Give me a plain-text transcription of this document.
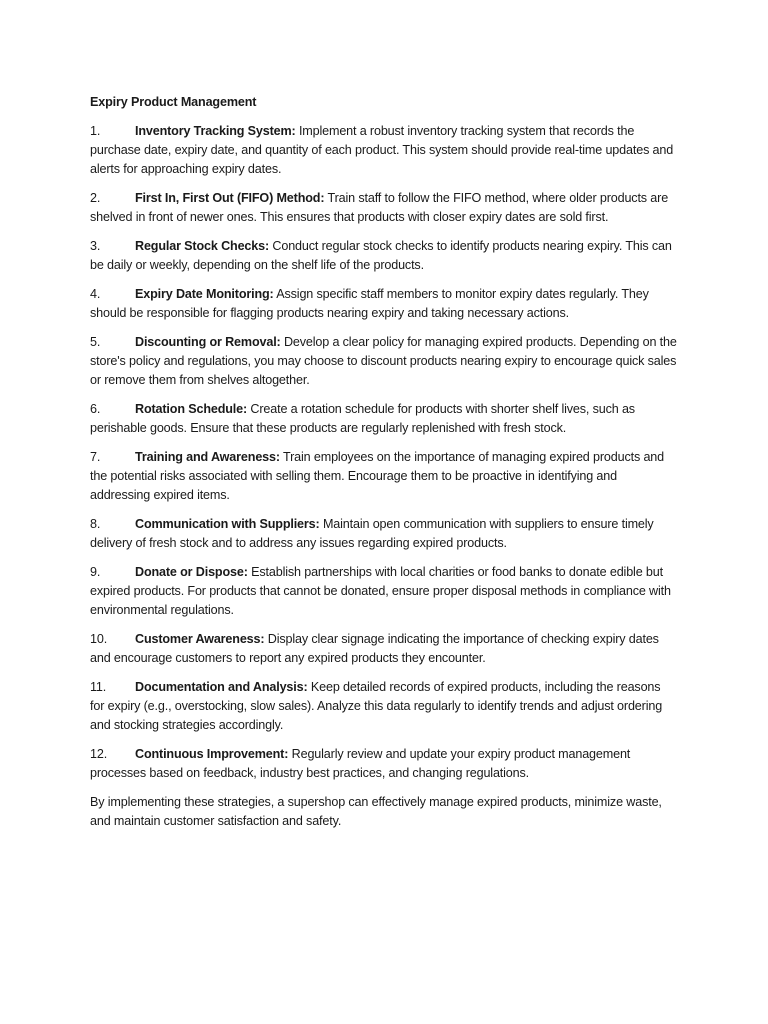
Expiry Product Management

1.	Inventory Tracking System: Implement a robust inventory tracking system that records the purchase date, expiry date, and quantity of each product. This system should provide real-time updates and alerts for approaching expiry dates.

2.	First In, First Out (FIFO) Method: Train staff to follow the FIFO method, where older products are shelved in front of newer ones. This ensures that products with closer expiry dates are sold first.

3.	Regular Stock Checks: Conduct regular stock checks to identify products nearing expiry. This can be daily or weekly, depending on the shelf life of the products.

4.	Expiry Date Monitoring: Assign specific staff members to monitor expiry dates regularly. They should be responsible for flagging products nearing expiry and taking necessary actions.

5.	Discounting or Removal: Develop a clear policy for managing expired products. Depending on the store's policy and regulations, you may choose to discount products nearing expiry to encourage quick sales or remove them from shelves altogether.

6.	Rotation Schedule: Create a rotation schedule for products with shorter shelf lives, such as perishable goods. Ensure that these products are regularly replenished with fresh stock.

7.	Training and Awareness: Train employees on the importance of managing expired products and the potential risks associated with selling them. Encourage them to be proactive in identifying and addressing expired items.

8.	Communication with Suppliers: Maintain open communication with suppliers to ensure timely delivery of fresh stock and to address any issues regarding expired products.

9.	Donate or Dispose: Establish partnerships with local charities or food banks to donate edible but expired products. For products that cannot be donated, ensure proper disposal methods in compliance with environmental regulations.

10. Customer Awareness: Display clear signage indicating the importance of checking expiry dates and encourage customers to report any expired products they encounter.

11. Documentation and Analysis: Keep detailed records of expired products, including the reasons for expiry (e.g., overstocking, slow sales). Analyze this data regularly to identify trends and adjust ordering and stocking strategies accordingly.

12. Continuous Improvement: Regularly review and update your expiry product management processes based on feedback, industry best practices, and changing regulations.

By implementing these strategies, a supershop can effectively manage expired products, minimize waste, and maintain customer satisfaction and safety.
